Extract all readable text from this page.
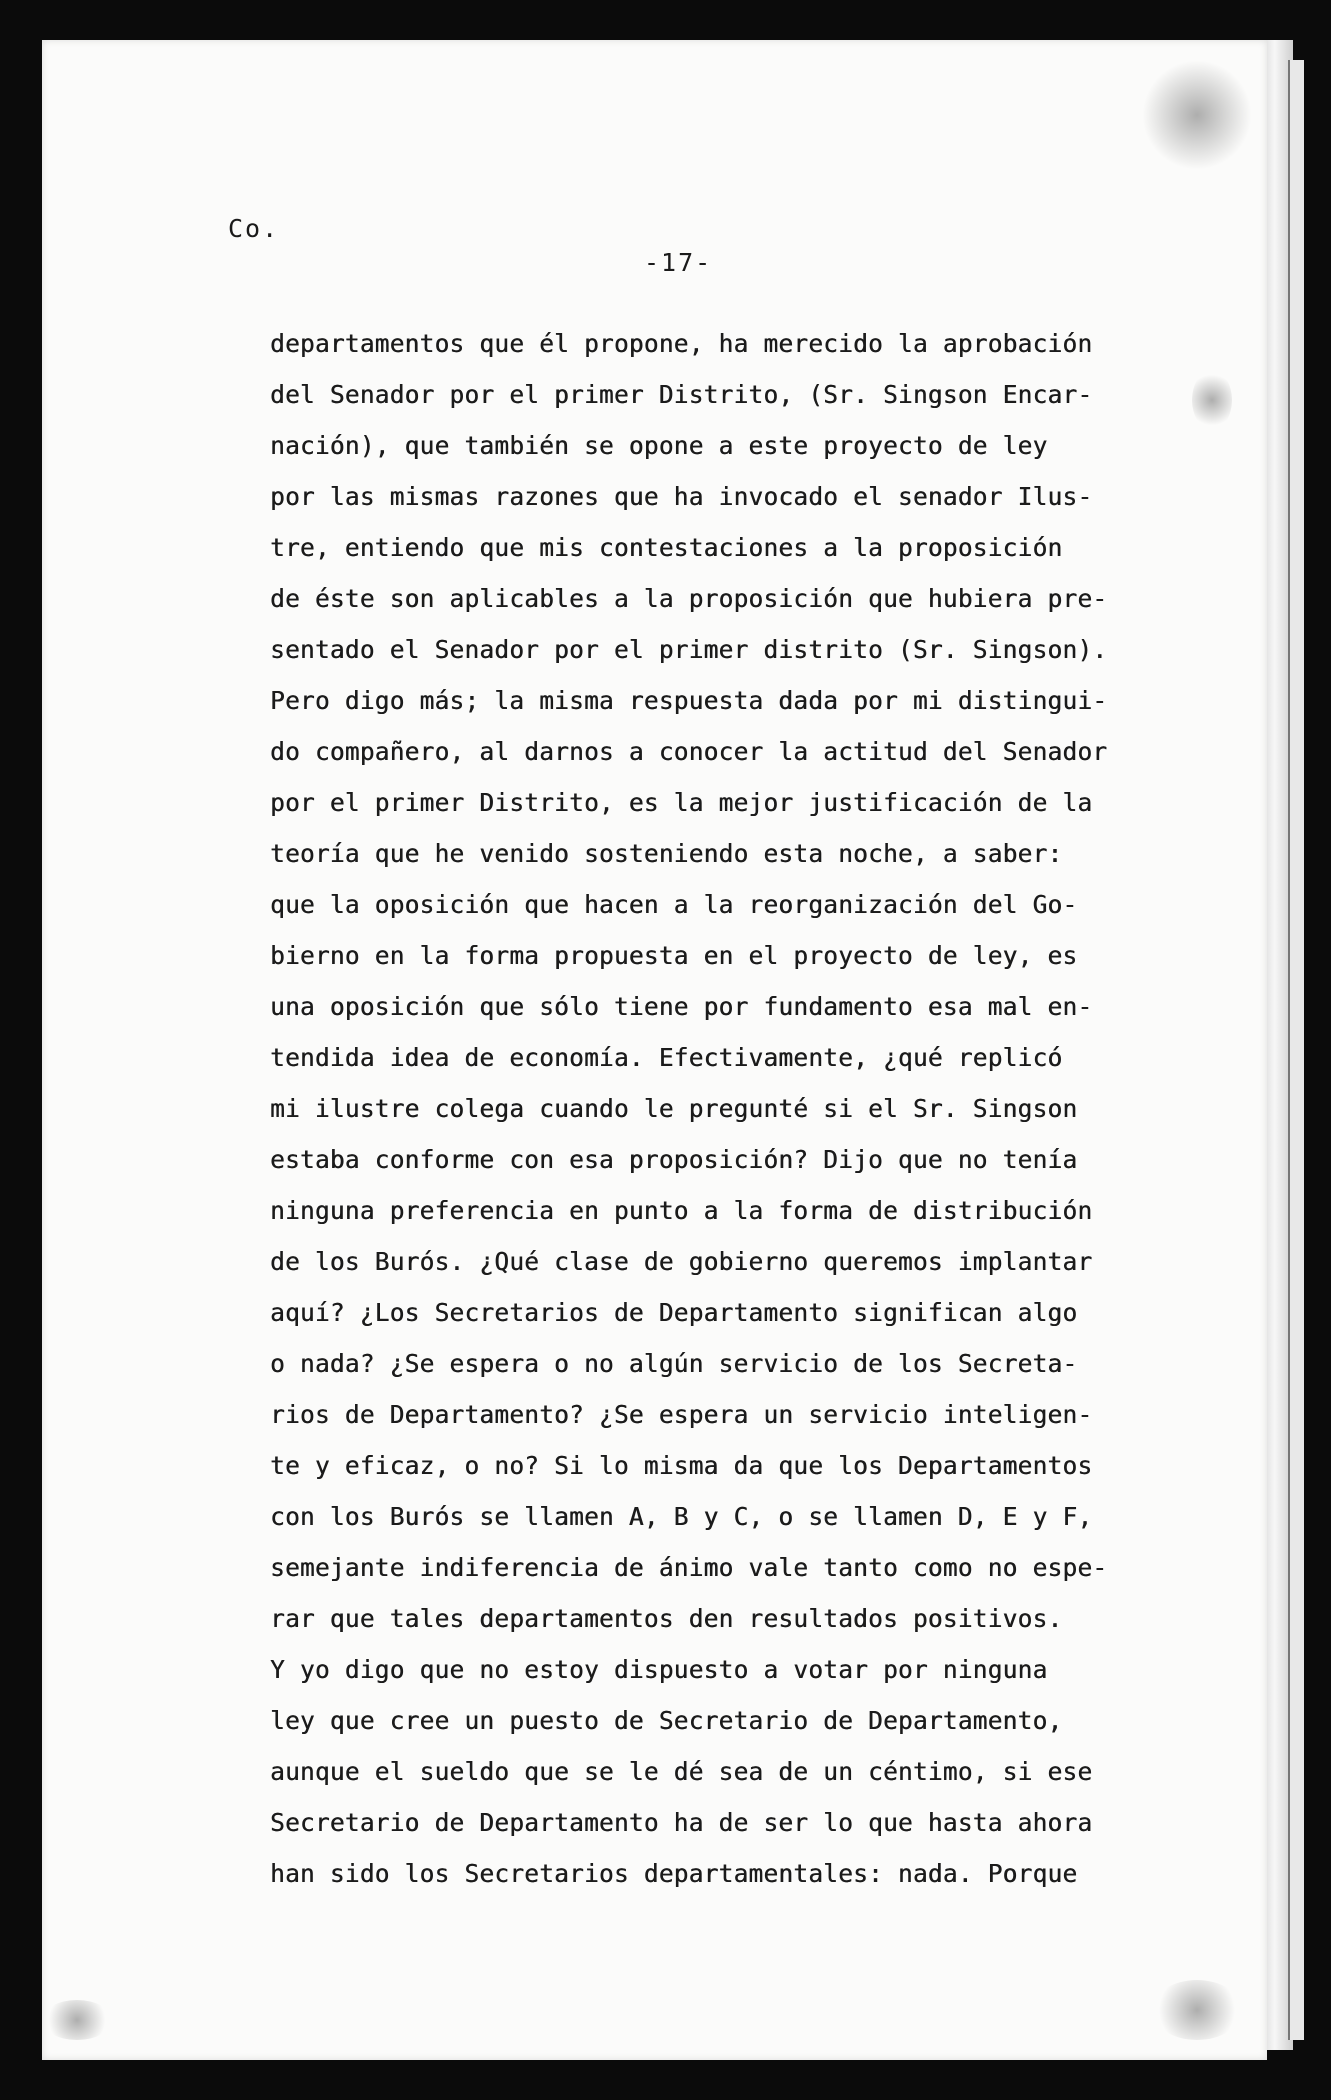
Co.
-17-
departamentos que él propone, ha merecido la aprobación
del Senador por el primer Distrito, (Sr. Singson Encar-
nación), que también se opone a este proyecto de ley
por las mismas razones que ha invocado el senador Ilus-
tre, entiendo que mis contestaciones a la proposición
de éste son aplicables a la proposición que hubiera pre-
sentado el Senador por el primer distrito (Sr. Singson).
Pero digo más; la misma respuesta dada por mi distingui-
do compañero, al darnos a conocer la actitud del Senador
por el primer Distrito, es la mejor justificación de la
teoría que he venido sosteniendo esta noche, a saber:
que la oposición que hacen a la reorganización del Go-
bierno en la forma propuesta en el proyecto de ley, es
una oposición que sólo tiene por fundamento esa mal en-
tendida idea de economía. Efectivamente, ¿qué replicó
mi ilustre colega cuando le pregunté si el Sr. Singson
estaba conforme con esa proposición? Dijo que no tenía
ninguna preferencia en punto a la forma de distribución
de los Burós. ¿Qué clase de gobierno queremos implantar
aquí? ¿Los Secretarios de Departamento significan algo
o nada? ¿Se espera o no algún servicio de los Secreta-
rios de Departamento? ¿Se espera un servicio inteligen-
te y eficaz, o no? Si lo misma da que los Departamentos
con los Burós se llamen A, B y C, o se llamen D, E y F,
semejante indiferencia de ánimo vale tanto como no espe-
rar que tales departamentos den resultados positivos.
Y yo digo que no estoy dispuesto a votar por ninguna
ley que cree un puesto de Secretario de Departamento,
aunque el sueldo que se le dé sea de un céntimo, si ese
Secretario de Departamento ha de ser lo que hasta ahora
han sido los Secretarios departamentales: nada. Porque
